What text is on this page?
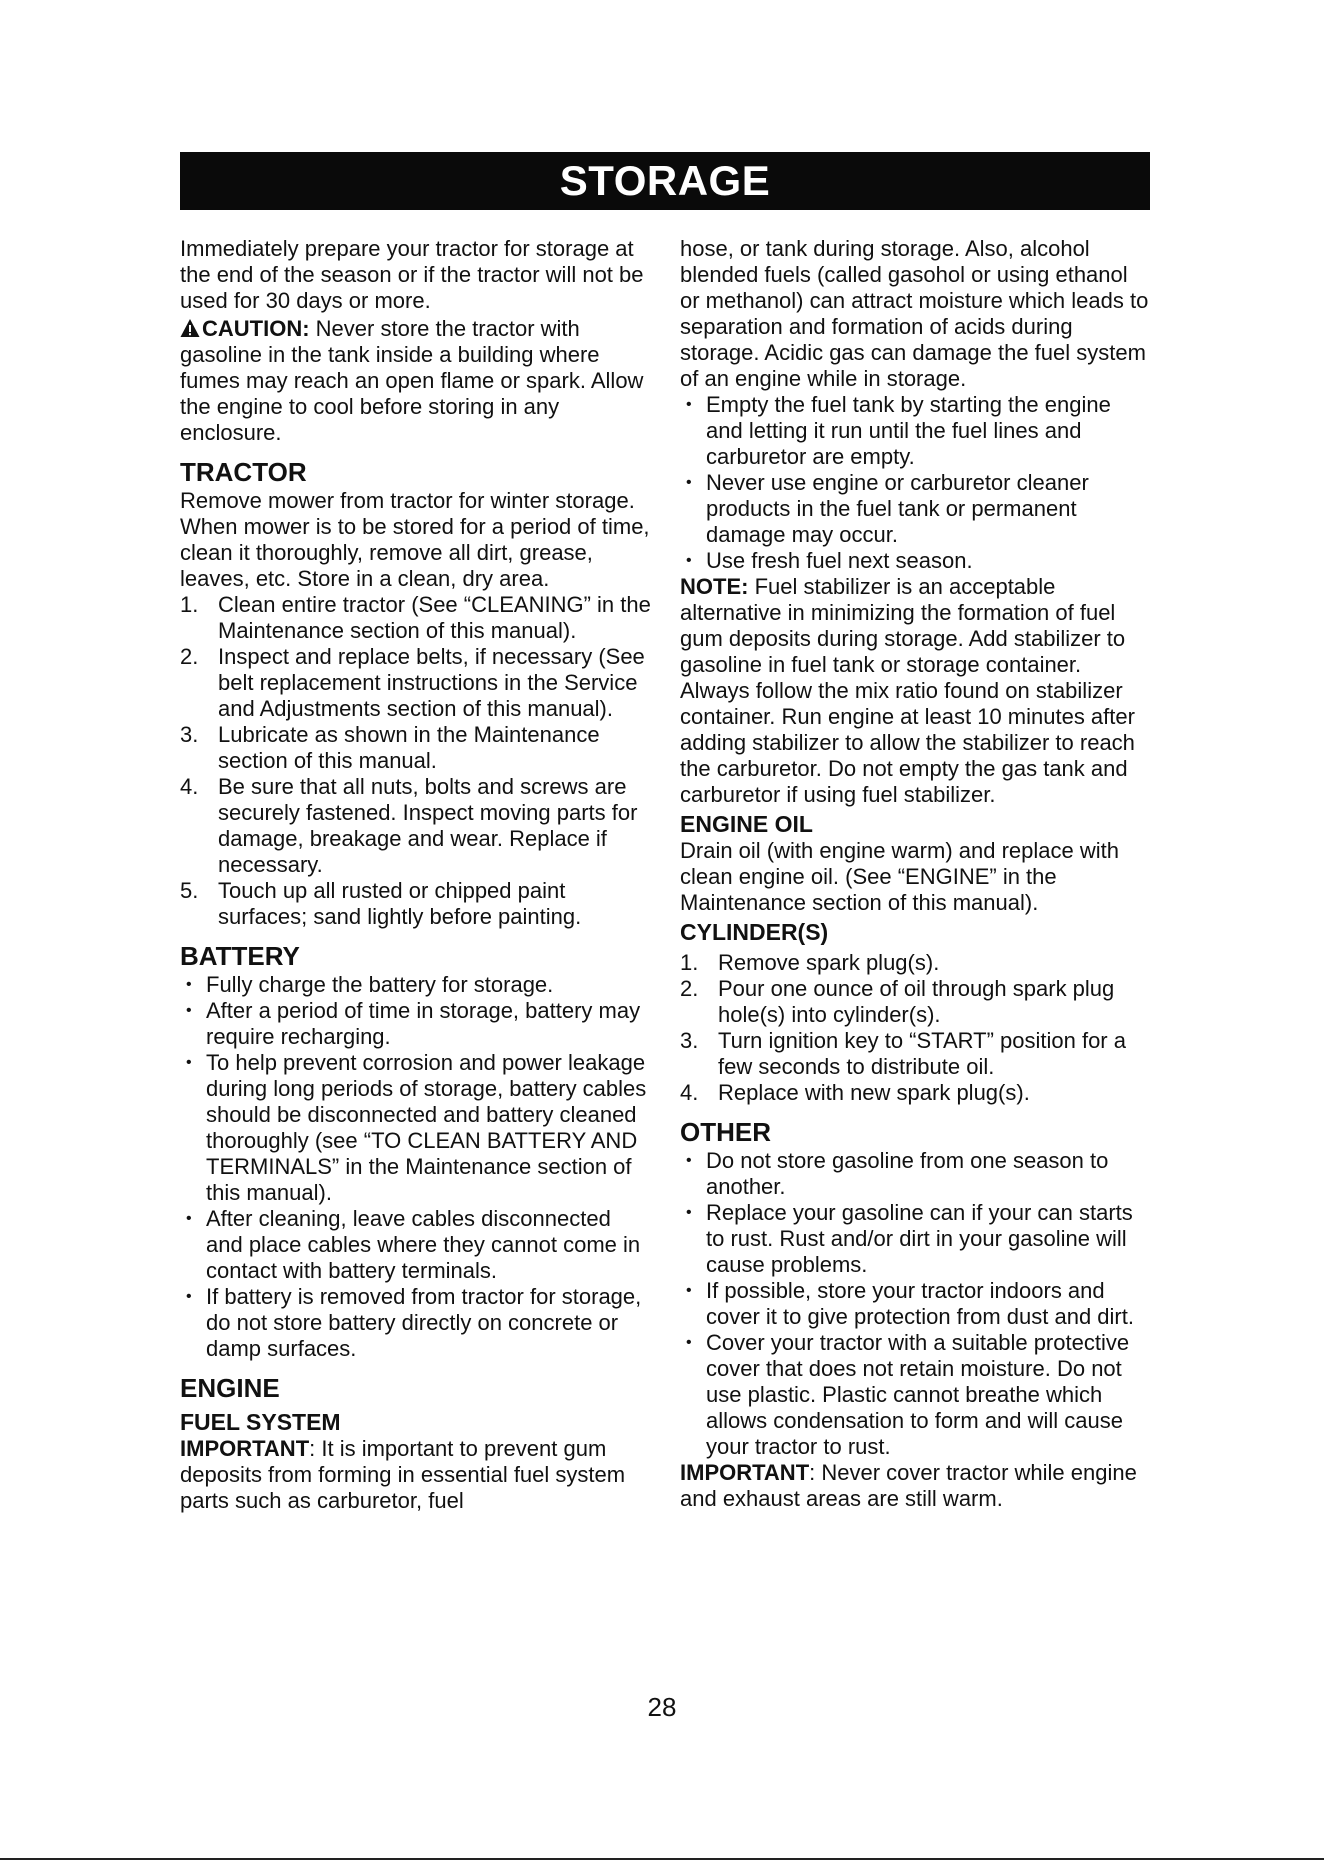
STORAGE

Immediately prepare your tractor for storage at the end of the season or if the tractor will not be used for 30 days or more.

CAUTION: Never store the tractor with gasoline in the tank inside a building where fumes may reach an open flame or spark. Allow the engine to cool before storing in any enclosure.

TRACTOR

Remove mower from tractor for winter storage. When mower is to be stored for a period of time, clean it thoroughly, remove all dirt, grease, leaves, etc. Store in a clean, dry area.

1. Clean entire tractor (See “CLEANING” in the Maintenance section of this manual).
2. Inspect and replace belts, if necessary (See belt replacement instructions in the Service and Adjustments section of this manual).
3. Lubricate as shown in the Maintenance section of this manual.
4. Be sure that all nuts, bolts and screws are securely fastened. Inspect moving parts for damage, breakage and wear. Replace if necessary.
5. Touch up all rusted or chipped paint surfaces; sand lightly before painting.
BATTERY
• Fully charge the battery for storage.
• After a period of time in storage, battery may require recharging.
• To help prevent corrosion and power leakage during long periods of storage, battery cables should be disconnected and battery cleaned thoroughly (see “TO CLEAN BATTERY AND TERMINALS” in the Maintenance section of this manual).
• After cleaning, leave cables disconnected and place cables where they cannot come in contact with battery terminals.
• If battery is removed from tractor for storage, do not store battery directly on concrete or damp surfaces.
ENGINE
FUEL SYSTEM

IMPORTANT: It is important to prevent gum deposits from forming in essential fuel system parts such as carburetor, fuel

hose, or tank during storage. Also, alcohol blended fuels (called gasohol or using ethanol or methanol) can attract moisture which leads to separation and formation of acids during storage. Acidic gas can damage the fuel system of an engine while in storage.

• Empty the fuel tank by starting the engine and letting it run until the fuel lines and carburetor are empty.
• Never use engine or carburetor cleaner products in the fuel tank or permanent damage may occur.
• Use fresh fuel next season.

NOTE: Fuel stabilizer is an acceptable alternative in minimizing the formation of fuel gum deposits during storage. Add stabilizer to gasoline in fuel tank or storage container. Always follow the mix ratio found on stabilizer container. Run engine at least 10 minutes after adding stabilizer to allow the stabilizer to reach the carburetor. Do not empty the gas tank and carburetor if using fuel stabilizer.

ENGINE OIL

Drain oil (with engine warm) and replace with clean engine oil. (See “ENGINE” in the Maintenance section of this manual).

CYLINDER(S)
1. Remove spark plug(s).
2. Pour one ounce of oil through spark plug hole(s) into cylinder(s).
3. Turn ignition key to “START” position for a few seconds to distribute oil.
4. Replace with new spark plug(s).
OTHER
• Do not store gasoline from one season to another.
• Replace your gasoline can if your can starts to rust. Rust and/or dirt in your gasoline will cause problems.
• If possible, store your tractor indoors and cover it to give protection from dust and dirt.
• Cover your tractor with a suitable protective cover that does not retain moisture. Do not use plastic. Plastic cannot breathe which allows condensation to form and will cause your tractor to rust.

IMPORTANT: Never cover tractor while engine and exhaust areas are still warm.

28
